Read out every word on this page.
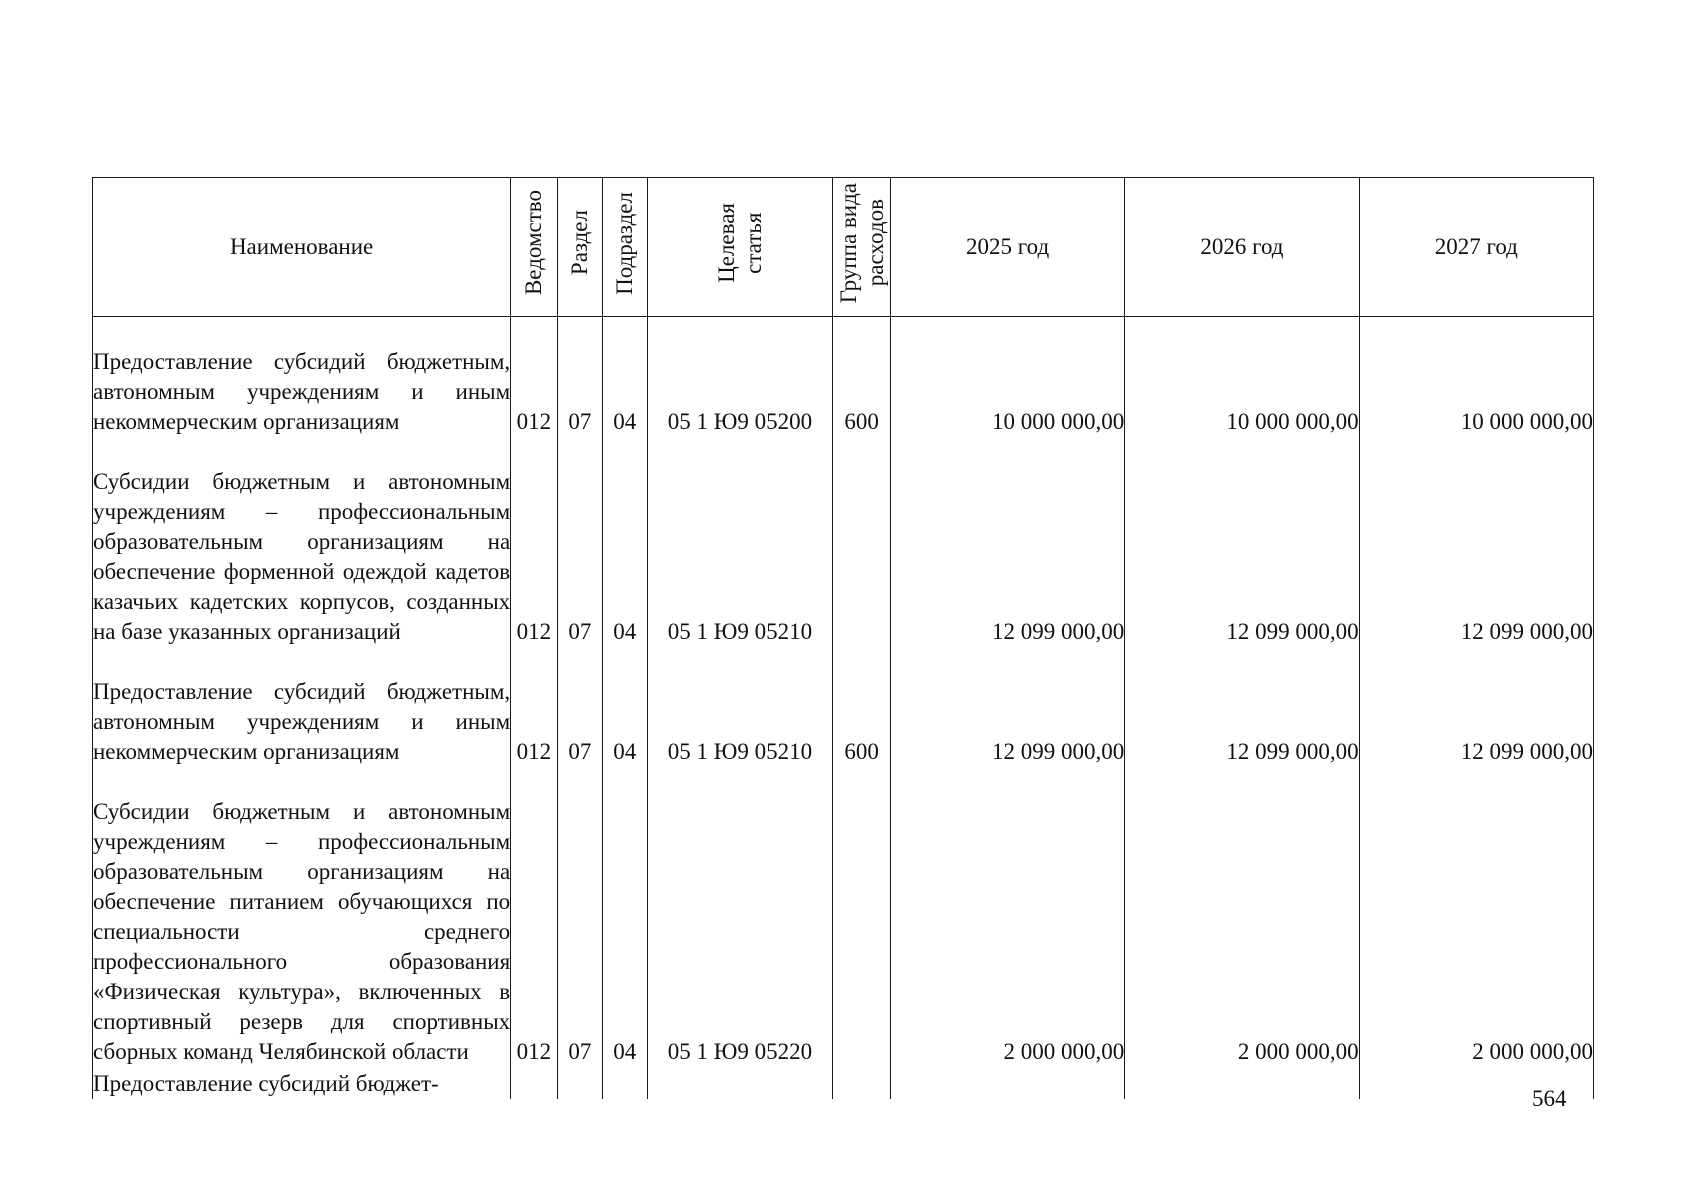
Наименование	Ведомство	Раздел	Подраздел	Целевая
статья	Группа вида
расходов	2025 год	2026 год	2027 год
Предоставление субсидий бюджетным, автономным учреждениям и иным некоммерческим организациям	012	07	04	05 1 Ю9 05200	600	10 000 000,00	10 000 000,00	10 000 000,00
Субсидии бюджетным и автономным учреждениям – профессиональным образовательным организациям на обеспечение форменной одеждой кадетов казачьих кадетских корпусов, созданных на базе указанных организаций	012	07	04	05 1 Ю9 05210		12 099 000,00	12 099 000,00	12 099 000,00
Предоставление субсидий бюджетным, автономным учреждениям и иным некоммерческим организациям	012	07	04	05 1 Ю9 05210	600	12 099 000,00	12 099 000,00	12 099 000,00
Субсидии бюджетным и автономным учреждениям – профессиональным образовательным организациям на обеспечение питанием обучающихся по специальности среднего профессионального образования «Физическая культура», включенных в спортивный резерв для спортивных сборных команд Челябинской области	012	07	04	05 1 Ю9 05220		2 000 000,00	2 000 000,00	2 000 000,00
Предоставление субсидий бюджет-								
564
